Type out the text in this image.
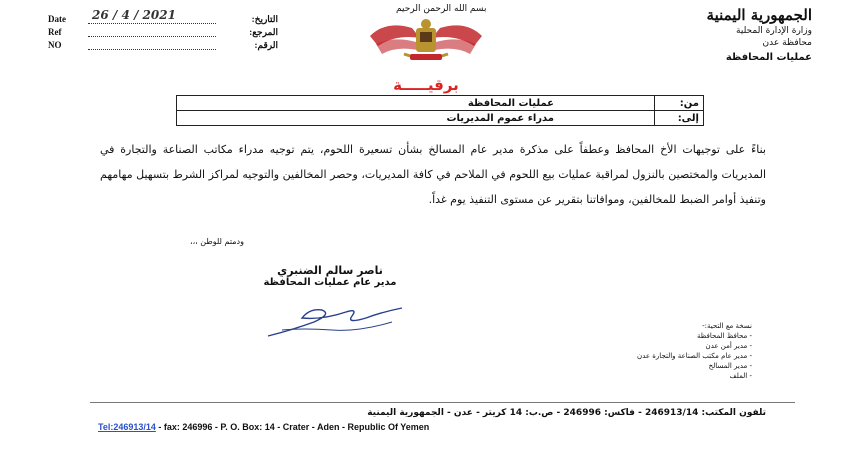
Date 26 / 4 / 2021	التاريخ:
Ref	المرجع:
NO	الرقم:
بسم الله الرحمن الرحيم	الجمهورية اليمنية
وزارة الإدارة المحلية
محافظة عدن
عمليات المحافظة
برقيـــــة
من:	عمليات المحافظة
إلى:	مدراء عموم المديريات
بناءً على توجيهات الأخ المحافظ وعطفاً على مذكرة مدير عام المسالخ بشأن تسعيرة اللحوم، يتم توجيه مدراء مكاتب الصناعة والتجارة في المديريات والمختصين بالنزول لمراقبة عمليات بيع اللحوم في الملاحم في كافة المديريات، وحصر المخالفين والتوجيه لمراكز الشرط بتسهيل مهامهم وتنفيذ أوامر الضبط للمخالفين، وموافاتنا بتقرير عن مستوى التنفيذ يوم غداً.
ودمتم للوطن ،،،
ناصر سالم الضنبري
مدير عام عمليات المحافظة
نسخة مع التحية:-
- محافظ المحافظة
- مدير أمن عدن
- مدير عام مكتب الصناعة والتجارة عدن
- مدير المسالخ
- الملف
تلفون المكتب: 246913/14 - فاكس: 246996 - ص.ب: 14 كريتر - عدن - الجمهورية اليمنية
Tel:246913/14 - fax: 246996 - P. O. Box: 14 - Crater - Aden - Republic Of Yemen
